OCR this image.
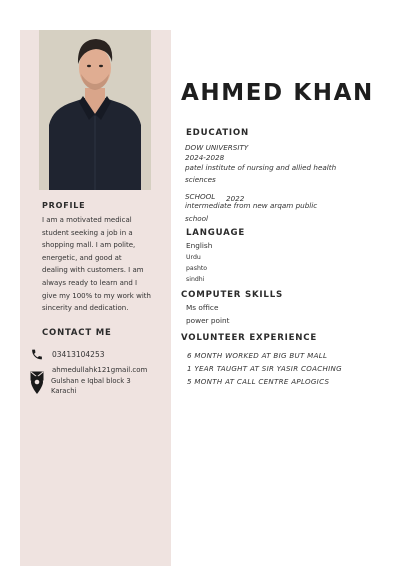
PROFILE
I am a motivated medical
student seeking a job in a
shopping mall. I am polite,
energetic, and good at
dealing with customers. I am
always ready to learn and I
give my 100% to my work with
sincerity and dedication.
CONTACT ME
03413104253
ahmedullahk121gmail.com
Gulshan e Iqbal block 3
Karachi
AHMED KHAN
EDUCATION
DOW UNIVERSITY
2024-2028
patel institute of nursing and allied health
sciences
SCHOOL 2022
intermediate from new arqam public
school
LANGUAGE
English
Urdu
pashto
sindhi
COMPUTER SKILLS
Ms office
power point
VOLUNTEER EXPERIENCE
6 MONTH WORKED AT BIG BUT MALL
1 YEAR TAUGHT AT SIR YASIR COACHING
5 MONTH AT CALL CENTRE APLOGICS
